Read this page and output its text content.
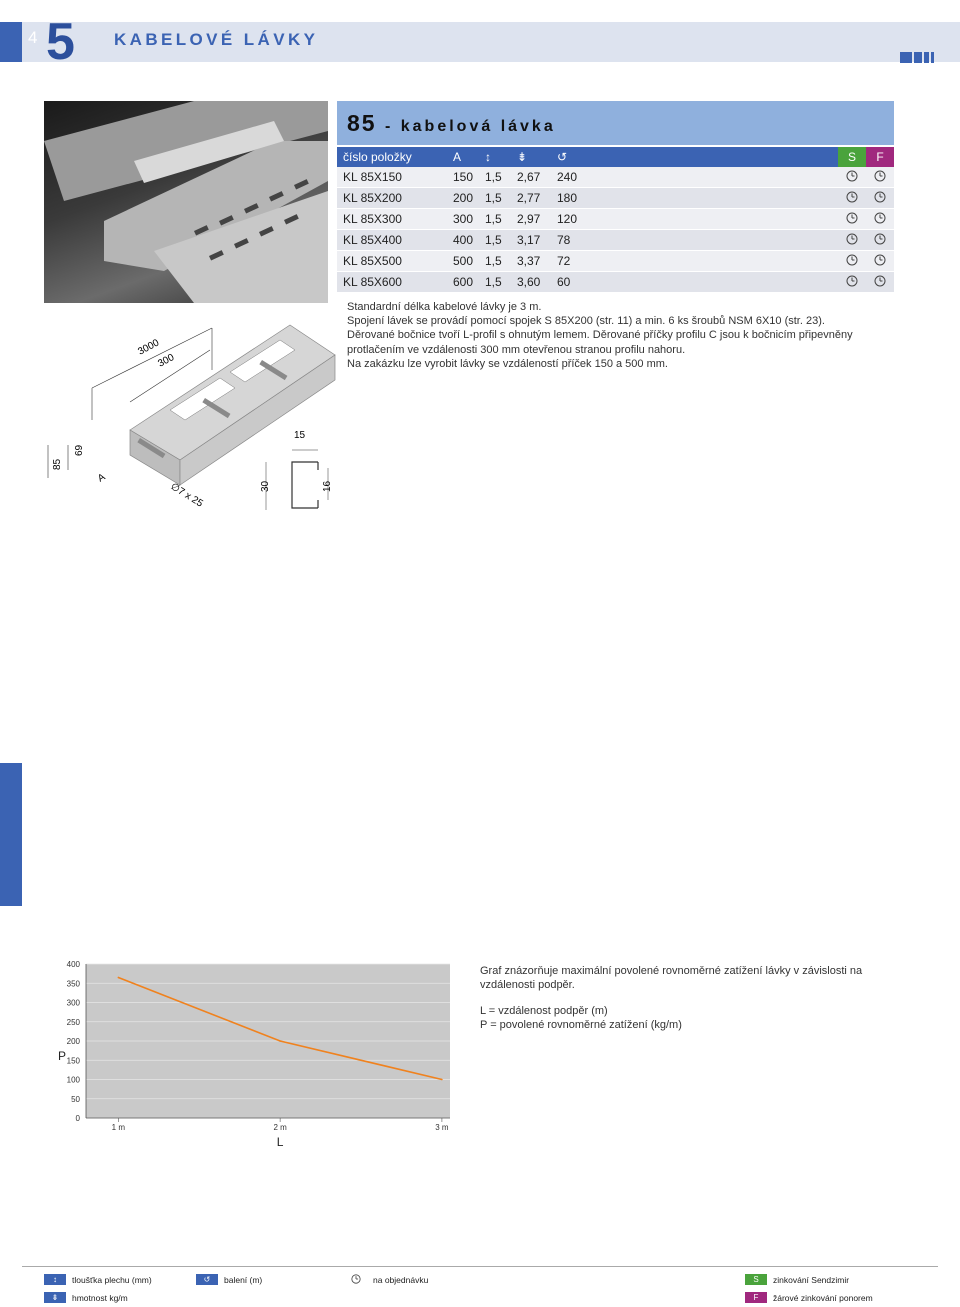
4 5 KABELOVÉ LÁVKY
85 - kabelová lávka
číslo položky	A	↕	⇟	↺	S	F
KL 85X150	150	1,5	2,67	240		
KL 85X200	200	1,5	2,77	180		
KL 85X300	300	1,5	2,97	120		
KL 85X400	400	1,5	3,17	78		
KL 85X500	500	1,5	3,37	72		
KL 85X600	600	1,5	3,60	60		
Standardní délka kabelové lávky je 3 m.
Spojení lávek se provádí pomocí spojek S 85X200 (str. 11) a min. 6 ks šroubů NSM 6X10 (str. 23).
Děrované bočnice tvoří L-profil s ohnutým lemem. Děrované příčky profilu C jsou k bočnicím připevněny
protlačením ve vzdálenosti 300 mm otevřenou stranou profilu nahoru.
Na zakázku lze vyrobit lávky se vzdáleností příček 150 a 500 mm.
3000
300
85
69
A
∅7 x 25
15
30	16
0
50
100
150
200
250
300
350
400
1 m	2 m	3 m
P
L
Graf znázorňuje maximální povolené rovnoměrné zatížení lávky v závislosti na vzdálenosti podpěr.
L = vzdálenost podpěr (m)
P = povolené rovnoměrné zatížení (kg/m)
↕	tloušťka plechu (mm)
⇟	hmotnost kg/m
↺	balení (m)	na objednávku	S	zinkování Sendzimir
F	žárové zinkování ponorem
